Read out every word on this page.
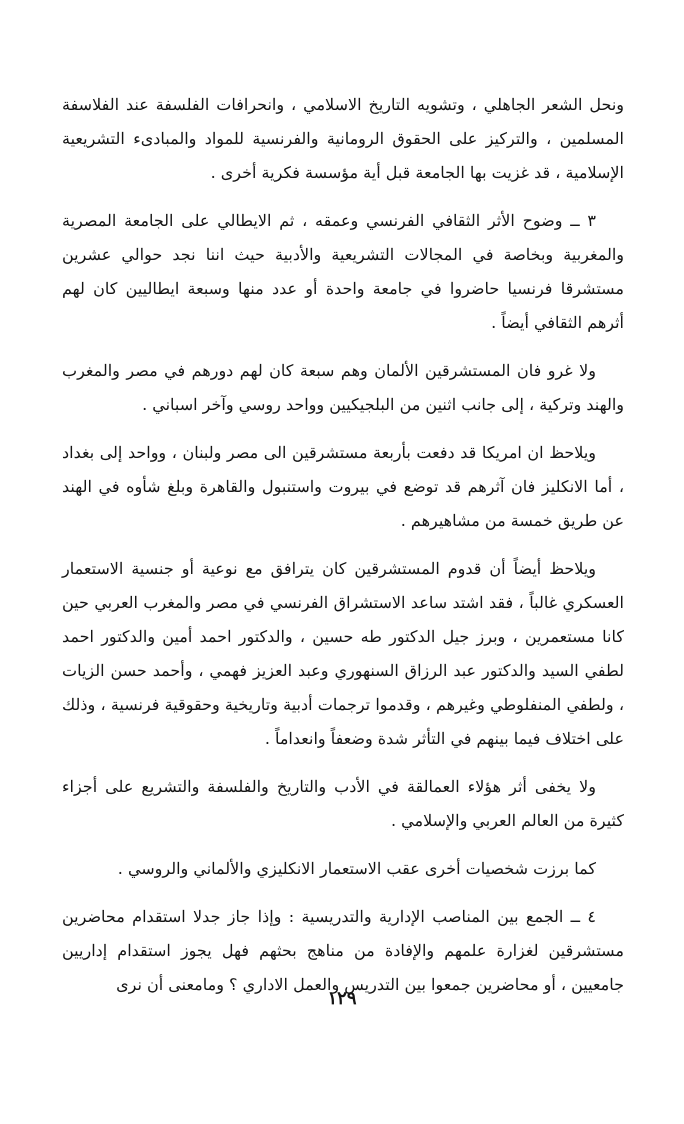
ونحل الشعر الجاهلي ، وتشويه التاريخ الاسلامي ، وانحرافات الفلسفة عند الفلاسفة المسلمين ، والتركيز على الحقوق الرومانية والفرنسية للمواد والمبادىء التشريعية الإسلامية ، قد غزيت بها الجامعة قبل أية مؤسسة فكرية أخرى .

٣ ــ وضوح الأثر الثقافي الفرنسي وعمقه ، ثم الايطالي على الجامعة المصرية والمغربية وبخاصة في المجالات التشريعية والأدبية حيث اننا نجد حوالي عشرين مستشرقا فرنسيا حاضروا في جامعة واحدة أو عدد منها وسبعة ايطاليين كان لهم أثرهم الثقافي أيضاً .

ولا غرو فان المستشرقين الألمان وهم سبعة كان لهم دورهم في مصر والمغرب والهند وتركية ، إلى جانب اثنين من البلجيكيين وواحد روسي وآخر اسباني .

ويلاحظ ان امريكا قد دفعت بأربعة مستشرقين الى مصر ولبنان ، وواحد إلى بغداد ، أما الانكليز فان آثرهم قد توضع في بيروت واستنبول والقاهرة وبلغ شأوه في الهند عن طريق خمسة من مشاهيرهم .

ويلاحظ أيضاً أن قدوم المستشرقين كان يترافق مع نوعية أو جنسية الاستعمار العسكري غالباً ، فقد اشتد ساعد الاستشراق الفرنسي في مصر والمغرب العربي حين كانا مستعمرين ، وبرز جيل الدكتور طه حسين ، والدكتور احمد أمين والدكتور احمد لطفي السيد والدكتور عبد الرزاق السنهوري وعبد العزيز فهمي ، وأحمد حسن الزيات ، ولطفي المنفلوطي وغيرهم ، وقدموا ترجمات أدبية وتاريخية وحقوقية فرنسية ، وذلك على اختلاف فيما بينهم في التأثر شدة وضعفاً وانعداماً .

ولا يخفى أثر هؤلاء العمالقة في الأدب والتاريخ والفلسفة والتشريع على أجزاء كثيرة من العالم العربي والإسلامي .

كما برزت شخصيات أخرى عقب الاستعمار الانكليزي والألماني والروسي .

٤ ــ الجمع بين المناصب الإدارية والتدريسية : وإذا جاز جدلا استقدام محاضرين مستشرقين لغزارة علمهم والإفادة من مناهج بحثهم فهل يجوز استقدام إداريين جامعيين ، أو محاضرين جمعوا بين التدريس والعمل الاداري ؟ ومامعنى أن نرى

١٢٩
